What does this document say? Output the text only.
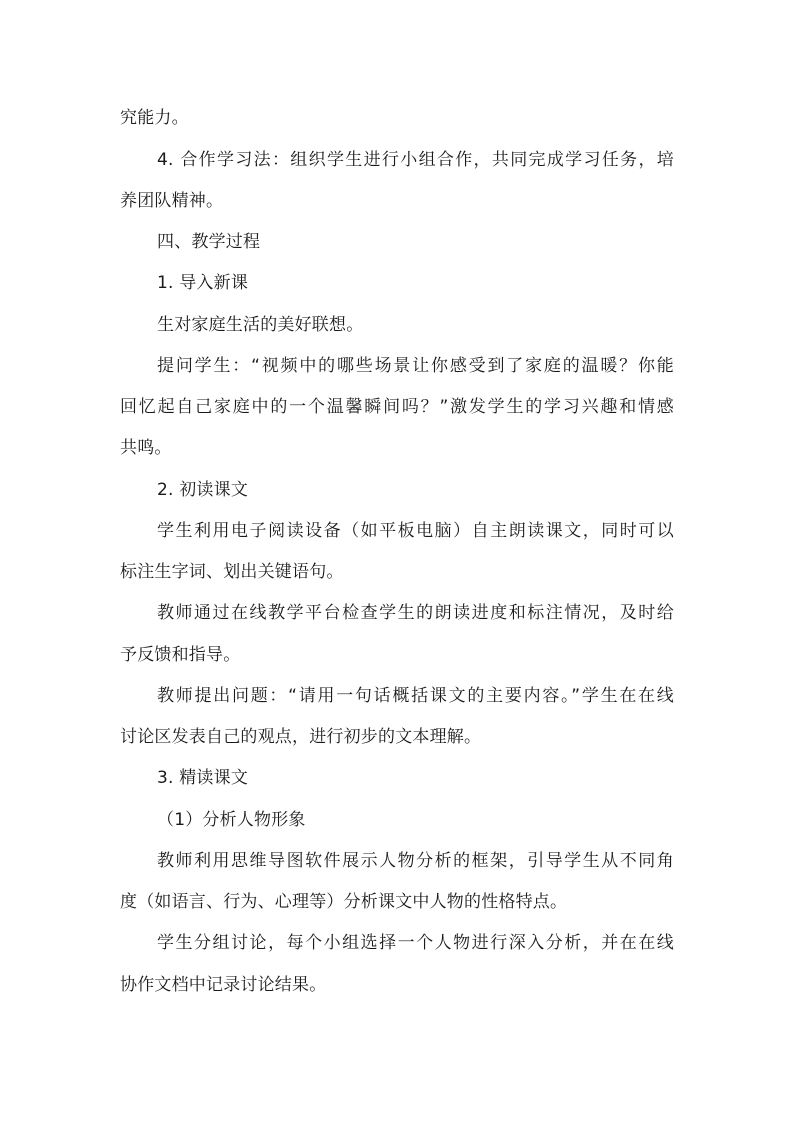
究能力。
4. 合作学习法：组织学生进行小组合作，共同完成学习任务，培
养团队精神。
四、教学过程
1. 导入新课
生对家庭生活的美好联想。
提问学生：“视频中的哪些场景让你感受到了家庭的温暖？你能
回忆起自己家庭中的一个温馨瞬间吗？”激发学生的学习兴趣和情感
共鸣。
2. 初读课文
学生利用电子阅读设备（如平板电脑）自主朗读课文，同时可以
标注生字词、划出关键语句。
教师通过在线教学平台检查学生的朗读进度和标注情况，及时给
予反馈和指导。
教师提出问题：“请用一句话概括课文的主要内容。”学生在在线
讨论区发表自己的观点，进行初步的文本理解。
3. 精读课文
（1）分析人物形象
教师利用思维导图软件展示人物分析的框架，引导学生从不同角
度（如语言、行为、心理等）分析课文中人物的性格特点。
学生分组讨论，每个小组选择一个人物进行深入分析，并在在线
协作文档中记录讨论结果。
